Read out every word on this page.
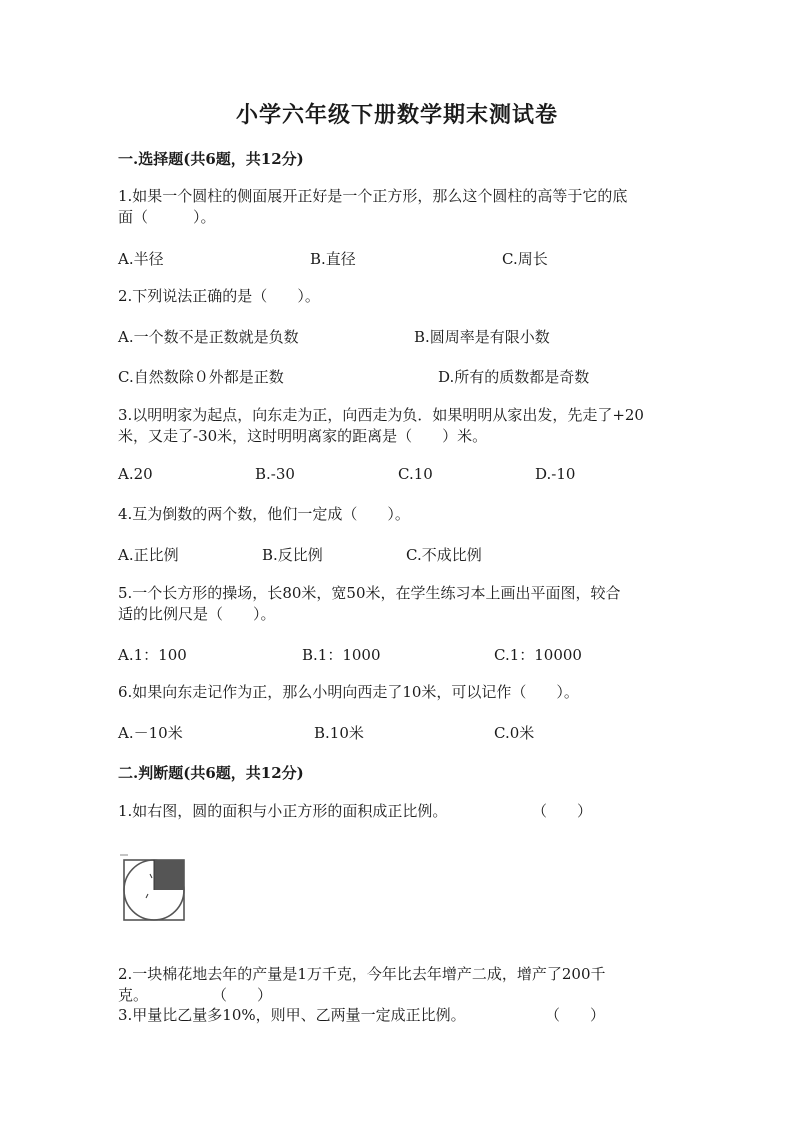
小学六年级下册数学期末测试卷
一.选择题(共6题，共12分)
1.如果一个圆柱的侧面展开正好是一个正方形，那么这个圆柱的高等于它的底
面（　　　）。
A.半径	B.直径	C.周长
2.下列说法正确的是（　　）。
A.一个数不是正数就是负数	B.圆周率是有限小数
C.自然数除０外都是正数	D.所有的质数都是奇数
3.以明明家为起点，向东走为正，向西走为负．如果明明从家出发，先走了+20
米，又走了-30米，这时明明离家的距离是（　　）米。
A.20	B.-30	C.10	D.-10
4.互为倒数的两个数，他们一定成（　　）。
A.正比例	B.反比例	C.不成比例
5.一个长方形的操场，长80米，宽50米，在学生练习本上画出平面图，较合
适的比例尺是（　　）。
A.1：100	B.1：1000	C.1：10000
6.如果向东走记作为正，那么小明向西走了10米，可以记作（　　）。
A.－10米	B.10米	C.0米
二.判断题(共6题，共12分)
1.如右图，圆的面积与小正方形的面积成正比例。	（　　）
2.一块棉花地去年的产量是1万千克，今年比去年增产二成，增产了200千
克。	（　　）
3.甲量比乙量多10%，则甲、乙两量一定成正比例。	（　　）
